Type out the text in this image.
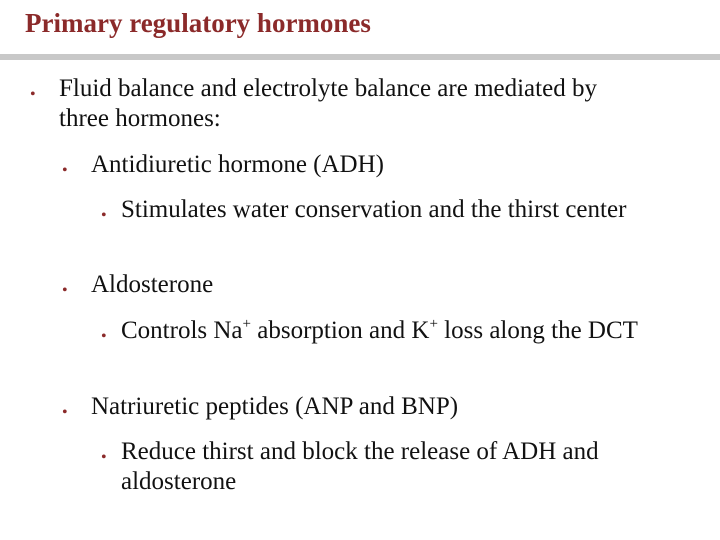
Primary regulatory hormones
• Fluid balance and electrolyte balance are mediated by three hormones:
• Antidiuretic hormone (ADH)
• Stimulates water conservation and the thirst center
• Aldosterone
• Controls Na+ absorption and K+ loss along the DCT
• Natriuretic peptides (ANP and BNP)
• Reduce thirst and block the release of ADH and aldosterone
